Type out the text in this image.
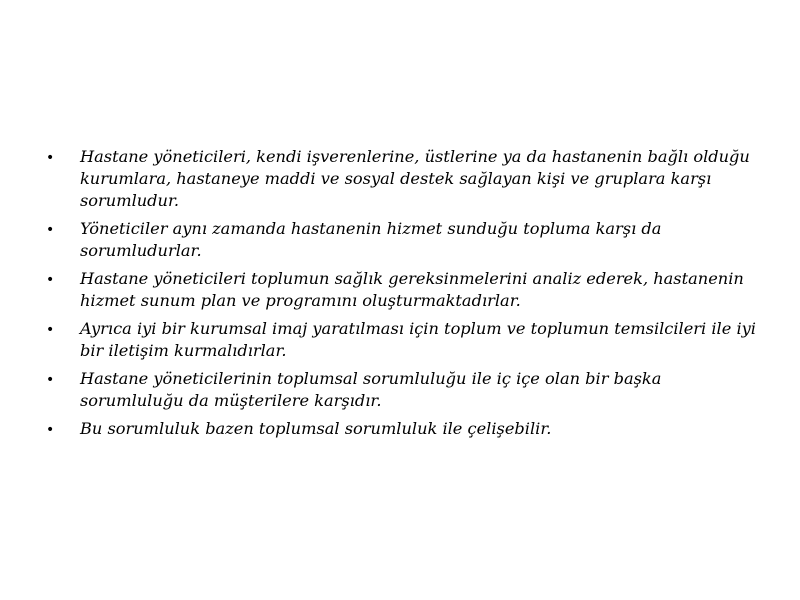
•	Hastane yöneticileri, kendi işverenlerine, üstlerine ya da hastanenin bağlı olduğu kurumlara, hastaneye maddi ve sosyal destek sağlayan kişi ve gruplara karşı sorumludur.
•	Yöneticiler aynı zamanda hastanenin hizmet sunduğu topluma karşı da sorumludurlar.
•	Hastane yöneticileri toplumun sağlık gereksinmelerini analiz ederek, hastanenin hizmet sunum plan ve programını oluşturmaktadırlar.
•	Ayrıca iyi bir kurumsal imaj yaratılması için toplum ve toplumun temsilcileri ile iyi bir iletişim kurmalıdırlar.
•	Hastane yöneticilerinin toplumsal sorumluluğu ile iç içe olan bir başka sorumluluğu da müşterilere karşıdır.
•	Bu sorumluluk bazen toplumsal sorumluluk ile çelişebilir.
